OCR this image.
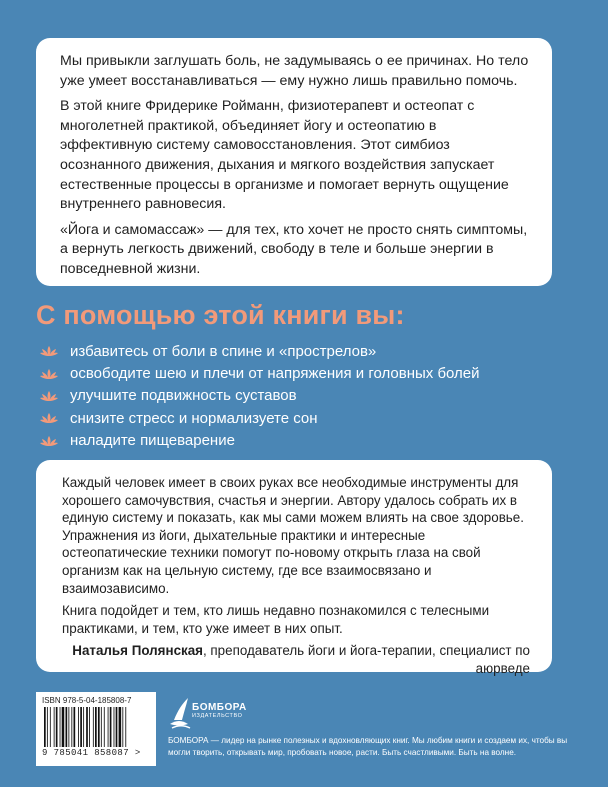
Мы привыкли заглушать боль, не задумываясь о ее причинах. Но тело уже умеет восстанавливаться — ему нужно лишь правильно помочь.

В этой книге Фридерике Ройманн, физиотерапевт и остеопат с многолетней практикой, объединяет йогу и остеопатию в эффективную систему самовосстановления. Этот симбиоз осознанного движения, дыхания и мягкого воздействия запускает естественные процессы в организме и помогает вернуть ощущение внутреннего равновесия.

«Йога и самомассаж» — для тех, кто хочет не просто снять симптомы, а вернуть легкость движений, свободу в теле и больше энергии в повседневной жизни.

С помощью этой книги вы:
избавитесь от боли в спине и «прострелов»
освободите шею и плечи от напряжения и головных болей
улучшите подвижность суставов
снизите стресс и нормализуете сон
наладите пищеварение

Каждый человек имеет в своих руках все необходимые инструменты для хорошего самочувствия, счастья и энергии. Автору удалось собрать их в единую систему и показать, как мы сами можем влиять на свое здоровье. Упражнения из йоги, дыхательные практики и интересные остеопатические техники помогут по-новому открыть глаза на свой организм как на цельную систему, где все взаимосвязано и взаимозависимо.

Книга подойдет и тем, кто лишь недавно познакомился с телесными практиками, и тем, кто уже имеет в них опыт.

Наталья Полянская, преподаватель йоги и йога-терапии, специалист по аюрведе
ISBN 978-5-04-185808-7
9 785041 858087 >
БОМБОРА
ИЗДАТЕЛЬСТВО
БОМБОРА — лидер на рынке полезных и вдохновляющих книг. Мы любим книги и создаем их, чтобы вы могли творить, открывать мир, пробовать новое, расти. Быть счастливыми. Быть на волне.
